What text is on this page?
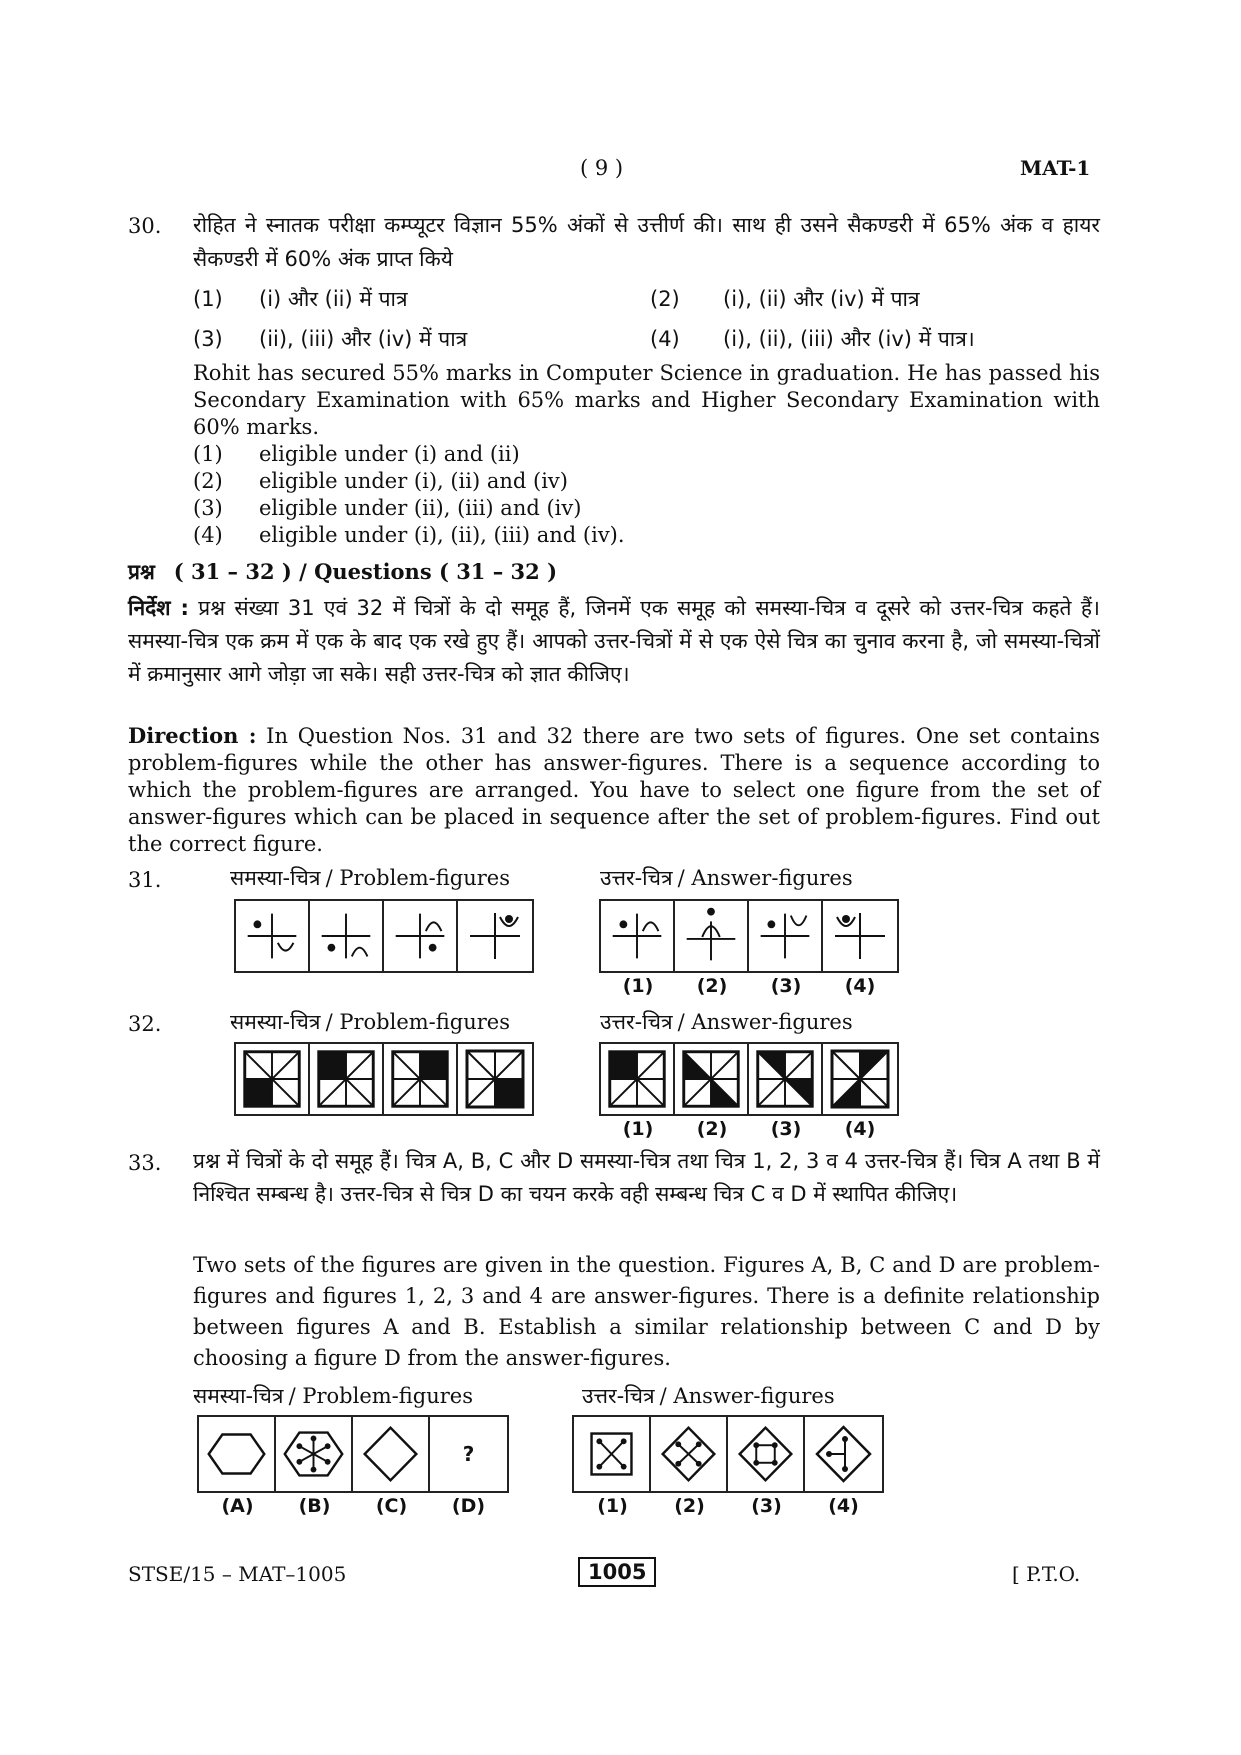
( 9 )	MAT-1
30. रोहित ने स्नातक परीक्षा कम्प्यूटर विज्ञान 55% अंकों से उत्तीर्ण की। साथ ही उसने सैकण्डरी में 65% अंक व हायर सैकण्डरी में 60% अंक प्राप्त किये
(1) (i) और (ii) में पात्र	(2) (i), (ii) और (iv) में पात्र
(3) (ii), (iii) और (iv) में पात्र	(4) (i), (ii), (iii) और (iv) में पात्र।
Rohit has secured 55% marks in Computer Science in graduation. He has passed his Secondary Examination with 65% marks and Higher Secondary Examination with 60% marks.
(1)	eligible under (i) and (ii)
(2)	eligible under (i), (ii) and (iv)
(3)	eligible under (ii), (iii) and (iv)
(4)	eligible under (i), (ii), (iii) and (iv).
प्रश्न ( 31 – 32 ) / Questions ( 31 – 32 )
निर्देश : प्रश्न संख्या 31 एवं 32 में चित्रों के दो समूह हैं, जिनमें एक समूह को समस्या-चित्र व दूसरे को उत्तर-चित्र कहते हैं। समस्या-चित्र एक क्रम में एक के बाद एक रखे हुए हैं। आपको उत्तर-चित्रों में से एक ऐसे चित्र का चुनाव करना है, जो समस्या-चित्रों में क्रमानुसार आगे जोड़ा जा सके। सही उत्तर-चित्र को ज्ञात कीजिए।
Direction : In Question Nos. 31 and 32 there are two sets of figures. One set contains problem-figures while the other has answer-figures. There is a sequence according to which the problem-figures are arranged. You have to select one figure from the set of answer-figures which can be placed in sequence after the set of problem-figures. Find out the correct figure.
31.	समस्या-चित्र / Problem-figures	उत्तर-चित्र / Answer-figures
(1)	(2)	(3)	(4)
32.	समस्या-चित्र / Problem-figures	उत्तर-चित्र / Answer-figures
(1)	(2)	(3)	(4)
33. प्रश्न में चित्रों के दो समूह हैं। चित्र A, B, C और D समस्या-चित्र तथा चित्र 1, 2, 3 व 4 उत्तर-चित्र हैं। चित्र A तथा B में निश्चित सम्बन्ध है। उत्तर-चित्र से चित्र D का चयन करके वही सम्बन्ध चित्र C व D में स्थापित कीजिए।
Two sets of the figures are given in the question. Figures A, B, C and D are problem-figures and figures 1, 2, 3 and 4 are answer-figures. There is a definite relationship between figures A and B. Establish a similar relationship between C and D by choosing a figure D from the answer-figures.
समस्या-चित्र / Problem-figures	उत्तर-चित्र / Answer-figures
?
(A)	(B)	(C)	(D)	(1)	(2)	(3)	(4)
STSE/15 – MAT–1005	1005	[ P.T.O.
